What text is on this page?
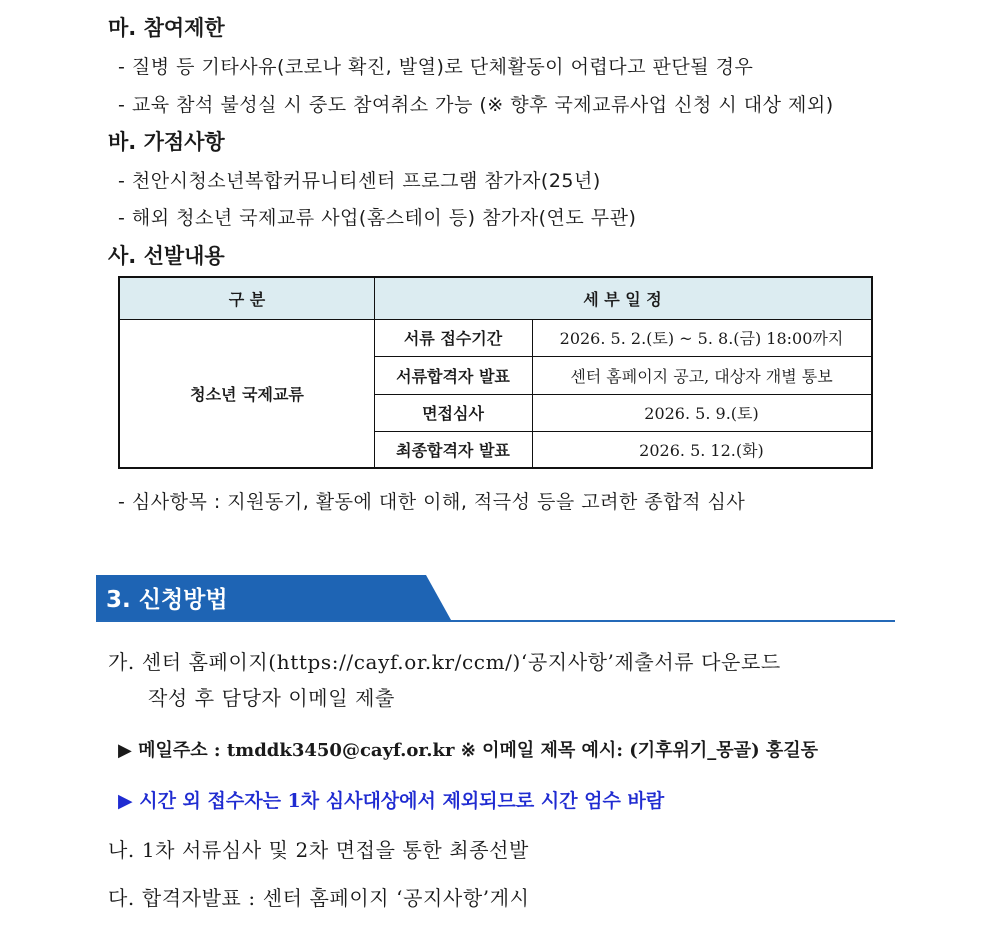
마. 참여제한
- 질병 등 기타사유(코로나 확진, 발열)로 단체활동이 어렵다고 판단될 경우
- 교육 참석 불성실 시 중도 참여취소 가능 (※ 향후 국제교류사업 신청 시 대상 제외)
바. 가점사항
- 천안시청소년복합커뮤니티센터 프로그램 참가자(25년)
- 해외 청소년 국제교류 사업(홈스테이 등) 참가자(연도 무관)
사. 선발내용
구 분	세 부 일 정
청소년 국제교류
서류 접수기간	2026. 5. 2.(토) ~ 5. 8.(금) 18:00까지
서류합격자 발표	센터 홈페이지 공고, 대상자 개별 통보
면접심사	2026. 5. 9.(토)
최종합격자 발표	2026. 5. 12.(화)
- 심사항목 : 지원동기, 활동에 대한 이해, 적극성 등을 고려한 종합적 심사
3. 신청방법
가. 센터 홈페이지(https://cayf.or.kr/ccm/)‘공지사항’제출서류 다운로드
작성 후 담당자 이메일 제출
▶ 메일주소 : tmddk3450@cayf.or.kr ※ 이메일 제목 예시: (기후위기_몽골) 홍길동
▶ 시간 외 접수자는 1차 심사대상에서 제외되므로 시간 엄수 바람
나. 1차 서류심사 및 2차 면접을 통한 최종선발
다. 합격자발표 : 센터 홈페이지 ‘공지사항’게시
